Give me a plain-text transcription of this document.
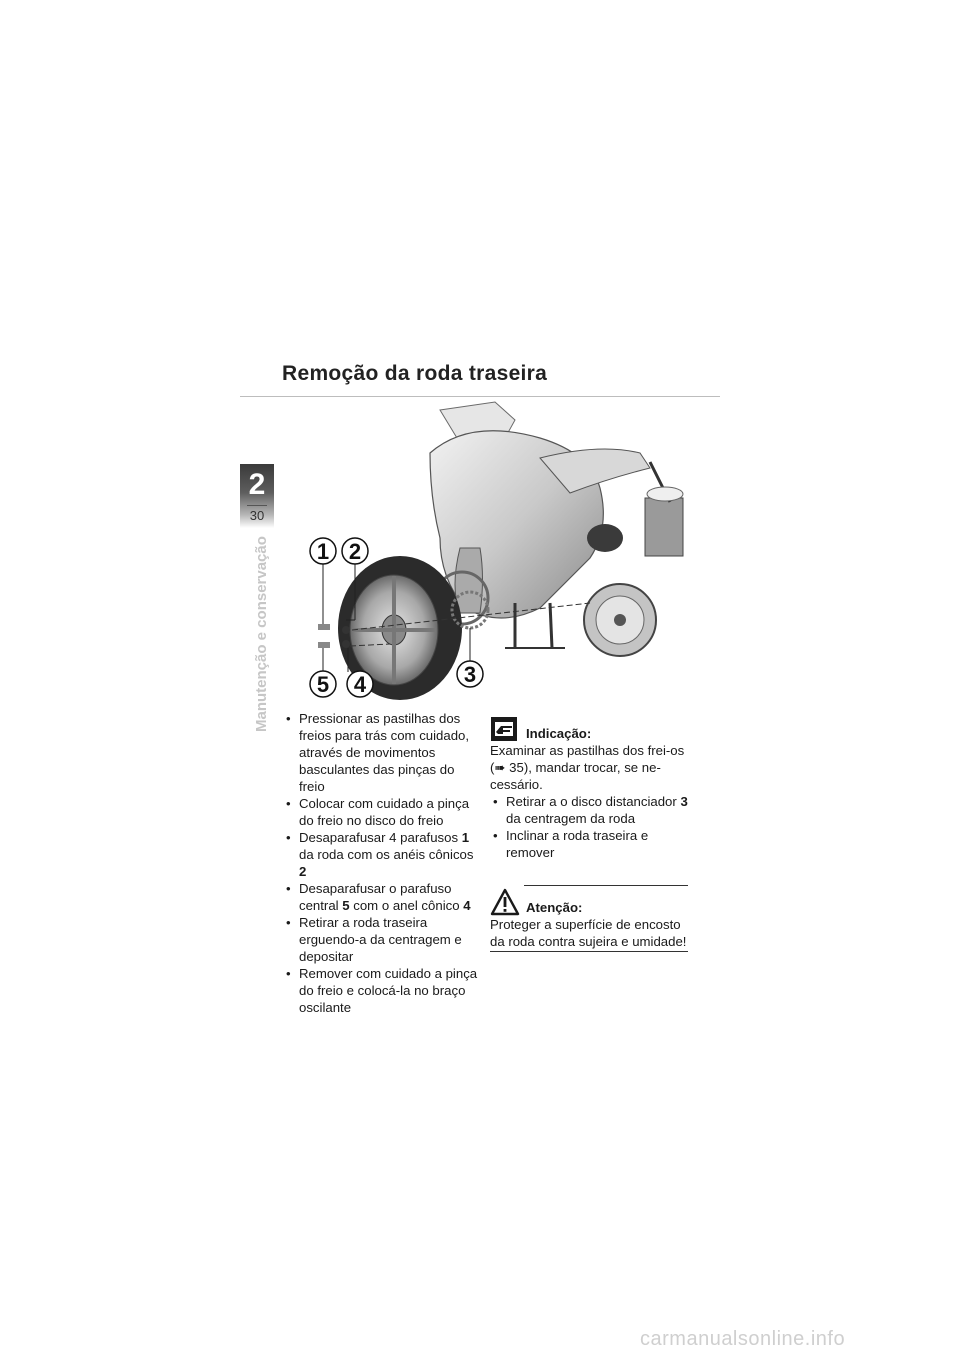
Remoção da roda traseira
2
30
Manutenção e conservação 1 2
3
4
5
• Pressionar as pastilhas dos freios para trás com cuidado, através de movimentos basculantes das pinças do freio
• Colocar com cuidado a pinça do freio no disco do freio
• Desaparafusar 4 parafusos 1 da roda com os anéis cônicos 2
• Desaparafusar o parafuso central 5 com o anel cônico 4
• Retirar a roda traseira erguendo-a da centragem e depositar
• Remover com cuidado a pinça do freio e colocá-la no braço oscilante
Indicação:

Examinar as pastilhas dos frei-os (➠ 35), mandar trocar, se ne-cessário.

• Retirar a o disco distanciador 3 da centragem da roda
• Inclinar a roda traseira e remover
Atenção:

Proteger a superfície de encosto da roda contra sujeira e umidade!

carmanualsonline.info
